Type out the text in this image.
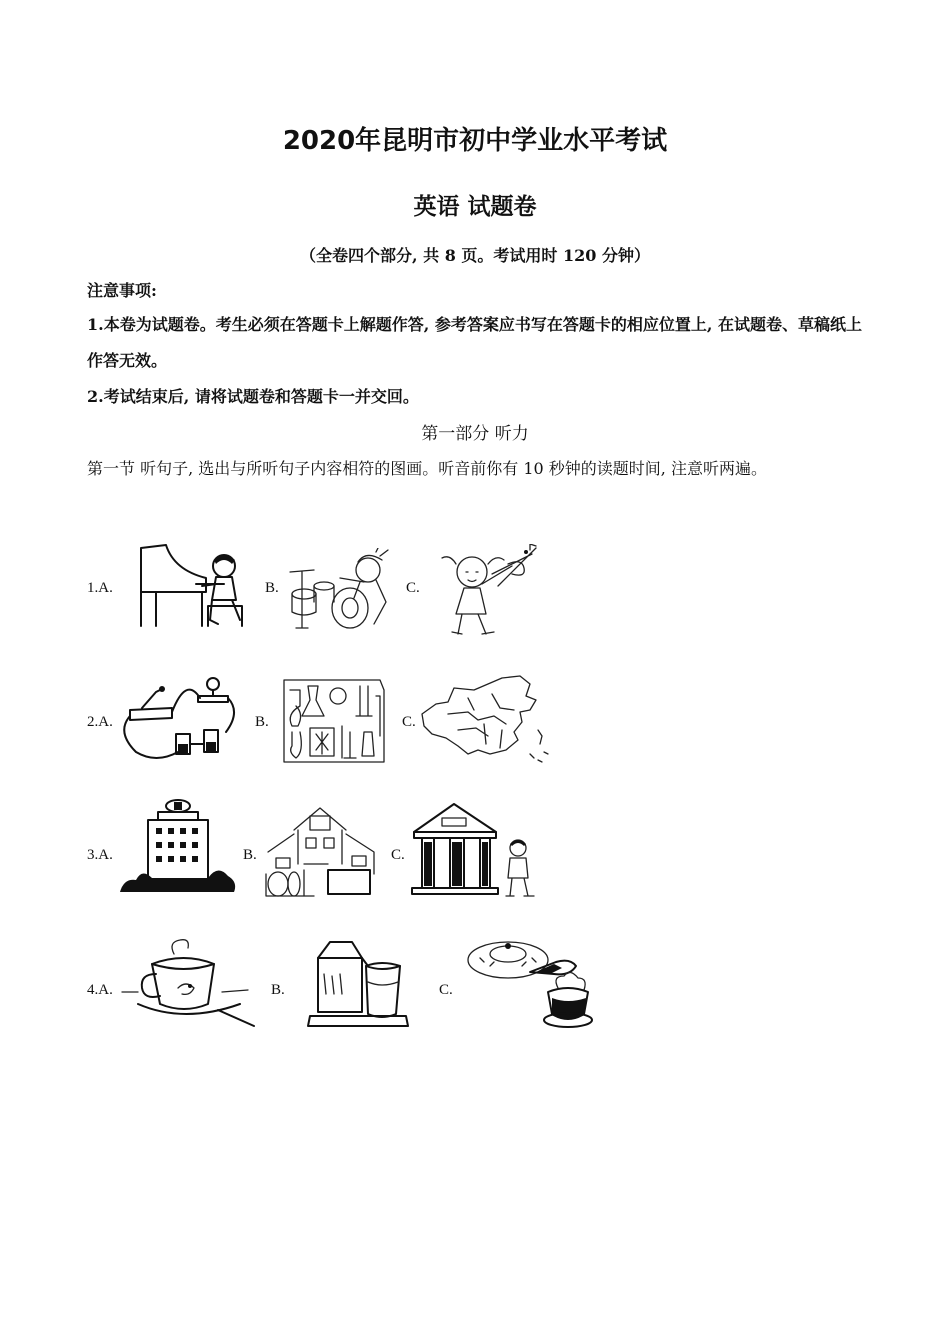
2020年昆明市初中学业水平考试
英语 试题卷
（全卷四个部分, 共 8 页。考试用时 120 分钟）
注意事项:
1.本卷为试题卷。考生必须在答题卡上解题作答, 参考答案应书写在答题卡的相应位置上, 在试题卷、草稿纸上作答无效。
2.考试结束后, 请将试题卷和答题卡一并交回。
第一部分 听力
第一节 听句子, 选出与所听句子内容相符的图画。听音前你有 10 秒钟的读题时间, 注意听两遍。
1.A.	B.	C.
2.A.	B.	C.
3.A.	B.	C.
4.A.	B.	C.
